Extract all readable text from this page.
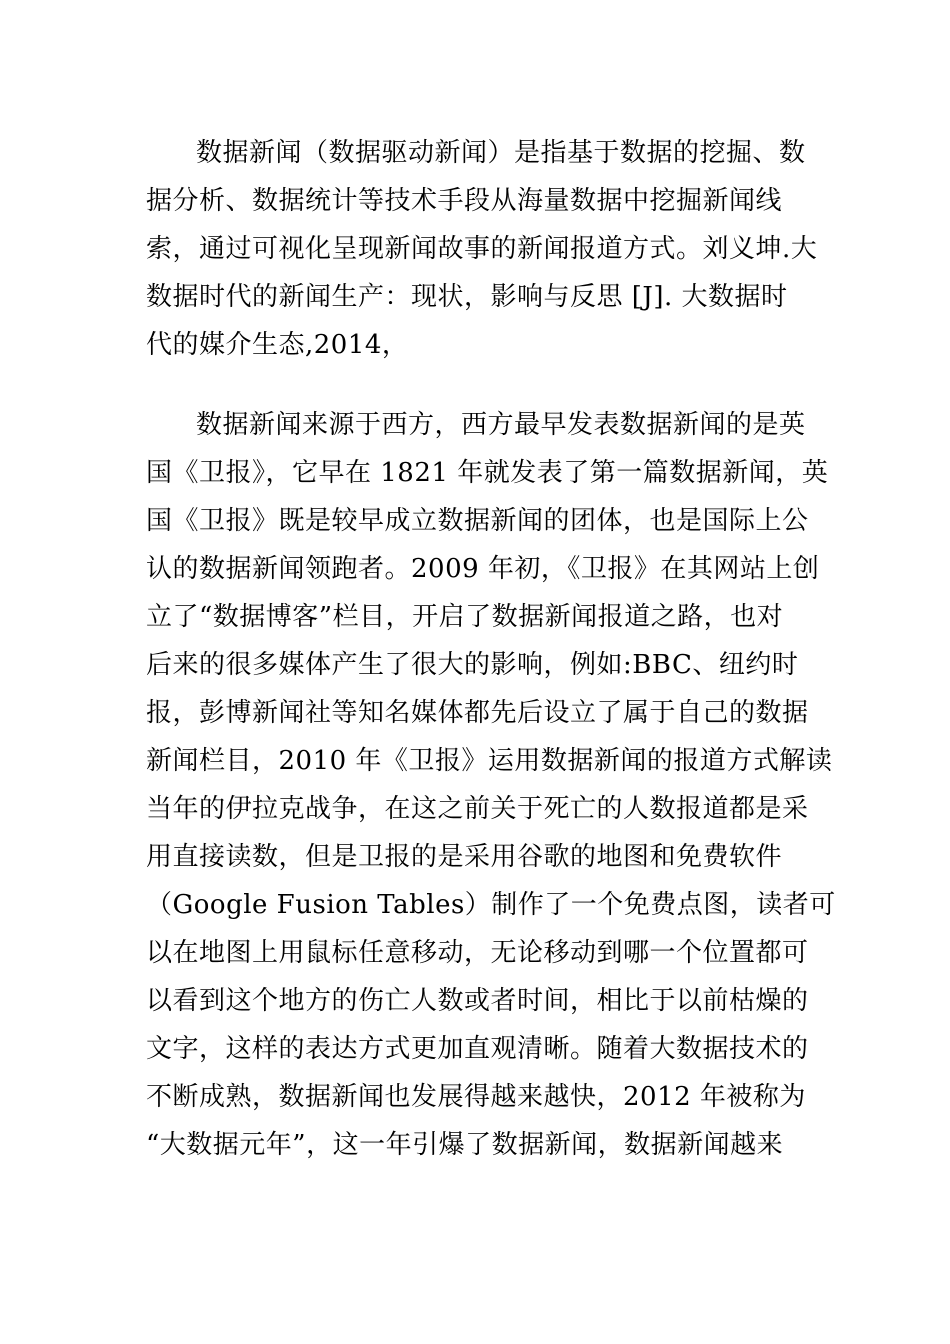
数据新闻（数据驱动新闻）是指基于数据的挖掘、数
据分析、数据统计等技术手段从海量数据中挖掘新闻线
索，通过可视化呈现新闻故事的新闻报道方式。刘义坤.大
数据时代的新闻生产：现状，影响与反思 [J]. 大数据时
代的媒介生态,2014，
数据新闻来源于西方，西方最早发表数据新闻的是英
国《卫报》，它早在 1821 年就发表了第一篇数据新闻，英
国《卫报》既是较早成立数据新闻的团体，也是国际上公
认的数据新闻领跑者。2009 年初，《卫报》在其网站上创
立了“数据博客”栏目，开启了数据新闻报道之路，也对
后来的很多媒体产生了很大的影响，例如:BBC、纽约时
报，彭博新闻社等知名媒体都先后设立了属于自己的数据
新闻栏目，2010 年《卫报》运用数据新闻的报道方式解读
当年的伊拉克战争，在这之前关于死亡的人数报道都是采
用直接读数，但是卫报的是采用谷歌的地图和免费软件
（Google Fusion Tables）制作了一个免费点图，读者可
以在地图上用鼠标任意移动，无论移动到哪一个位置都可
以看到这个地方的伤亡人数或者时间，相比于以前枯燥的
文字，这样的表达方式更加直观清晰。随着大数据技术的
不断成熟，数据新闻也发展得越来越快，2012 年被称为
“大数据元年”，这一年引爆了数据新闻，数据新闻越来
